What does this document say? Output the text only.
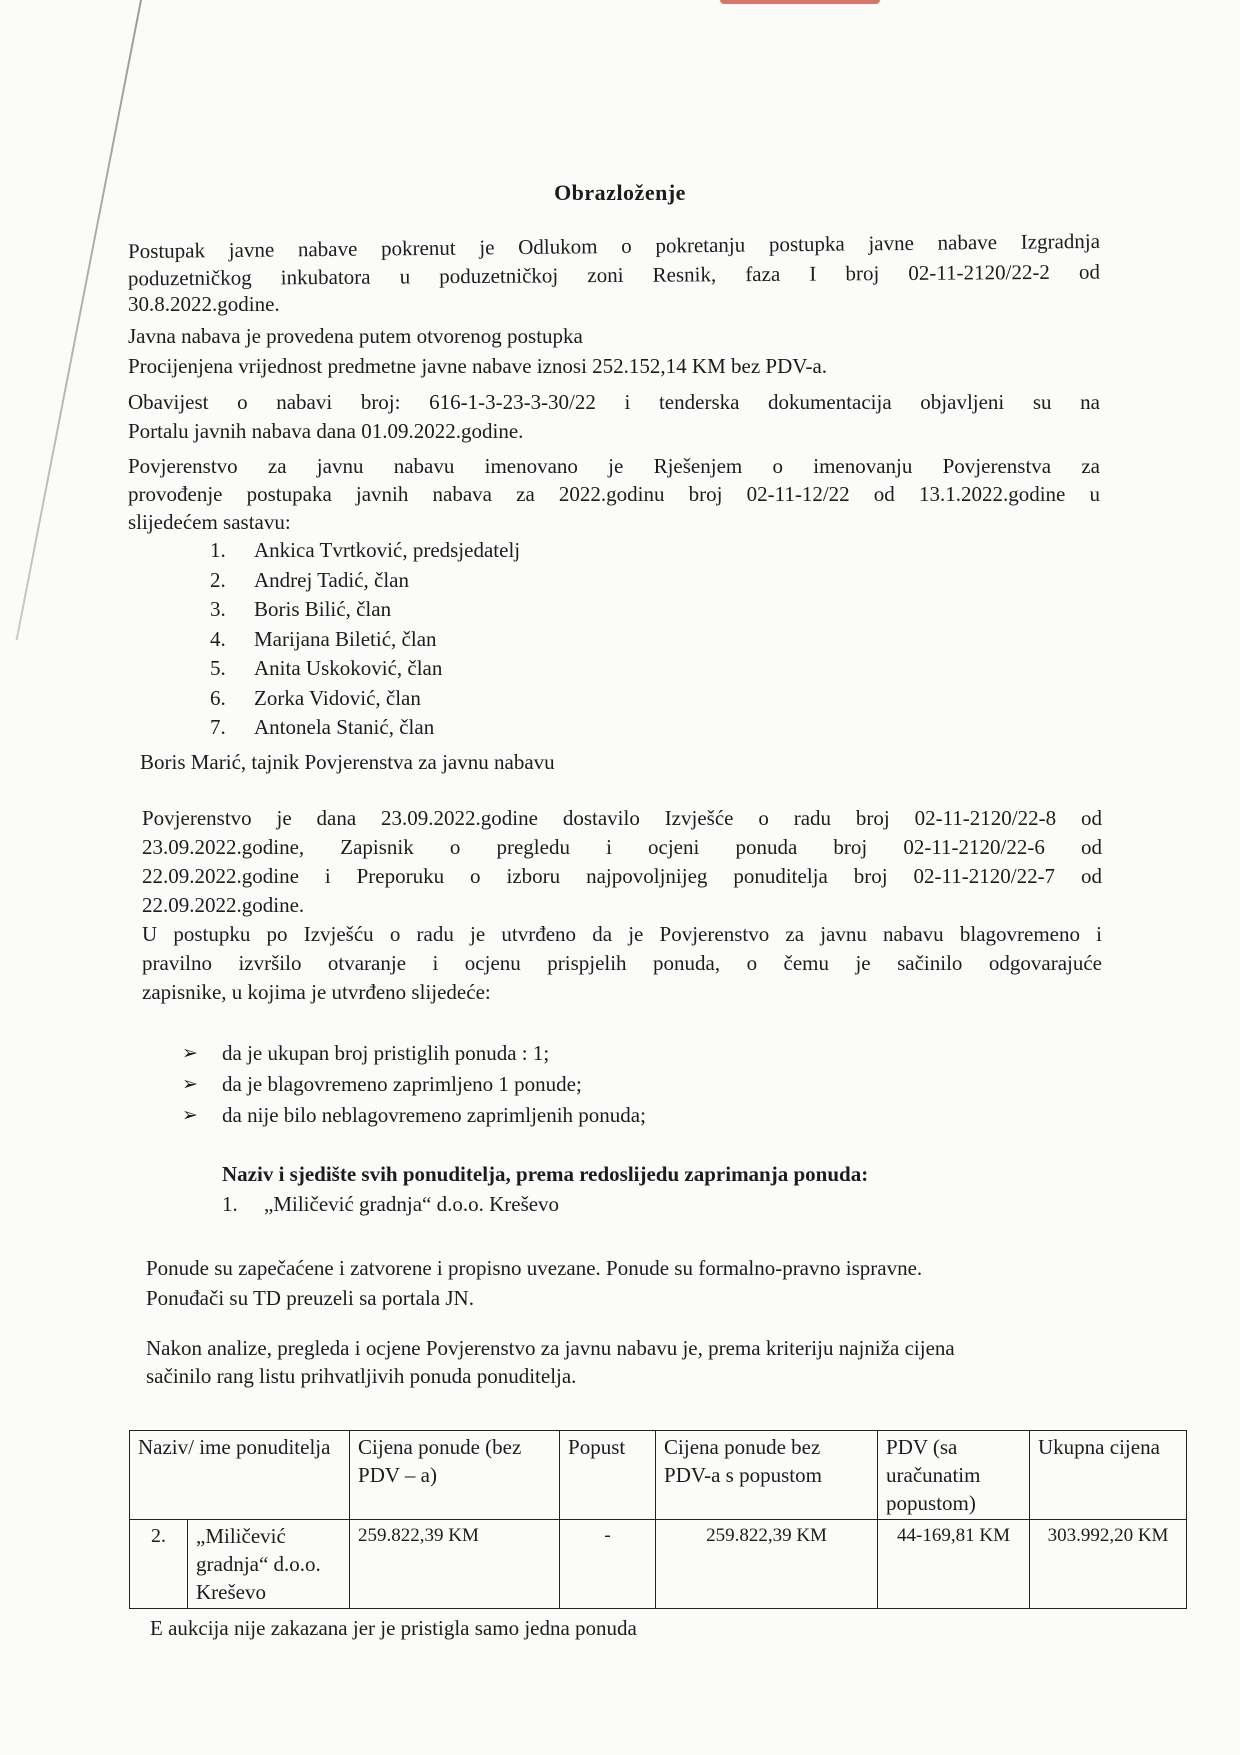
Obrazloženje

Postupak javne nabave pokrenut je Odlukom o pokretanju postupka javne nabave Izgradnja

poduzetničkog inkubatora u poduzetničkoj zoni Resnik, faza I broj 02-11-2120/22-2 od

30.8.2022.godine.

Javna nabava je provedena putem otvorenog postupka

Procijenjena vrijednost predmetne javne nabave iznosi 252.152,14 KM bez PDV-a.

Obavijest o nabavi broj: 616-1-3-23-3-30/22 i tenderska dokumentacija objavljeni su na

Portalu javnih nabava dana 01.09.2022.godine.

Povjerenstvo za javnu nabavu imenovano je Rješenjem o imenovanju Povjerenstva za

provođenje postupaka javnih nabava za 2022.godinu broj 02-11-12/22 od 13.1.2022.godine u

slijedećem sastavu:

1.	Ankica Tvrtković, predsjedatelj
2.	Andrej Tadić, član
3.	Boris Bilić, član
4.	Marijana Biletić, član
5.	Anita Uskoković, član
6.	Zorka Vidović, član
7.	Antonela Stanić, član

Boris Marić, tajnik Povjerenstva za javnu nabavu

Povjerenstvo je dana 23.09.2022.godine dostavilo Izvješće o radu broj 02-11-2120/22-8 od

23.09.2022.godine, Zapisnik o pregledu i ocjeni ponuda broj 02-11-2120/22-6 od

22.09.2022.godine i Preporuku o izboru najpovoljnijeg ponuditelja broj 02-11-2120/22-7 od

22.09.2022.godine.

U postupku po Izvješću o radu je utvrđeno da je Povjerenstvo za javnu nabavu blagovremeno i

pravilno izvršilo otvaranje i ocjenu prispjelih ponuda, o čemu je sačinilo odgovarajuće

zapisnike, u kojima je utvrđeno slijedeće:

➢	da je ukupan broj pristiglih ponuda : 1;
➢	da je blagovremeno zaprimljeno 1 ponude;
➢	da nije bilo neblagovremeno zaprimljenih ponuda;

Naziv i sjedište svih ponuditelja, prema redoslijedu zaprimanja ponuda:

1. „Miličević gradnja“ d.o.o. Kreševo

Ponude su zapečaćene i zatvorene i propisno uvezane. Ponude su formalno-pravno ispravne.

Ponuđači su TD preuzeli sa portala JN.

Nakon analize, pregleda i ocjene Povjerenstvo za javnu nabavu je, prema kriteriju najniža cijena

sačinilo rang listu prihvatljivih ponuda ponuditelja.

Naziv/ ime ponuditelja		Cijena ponude (bez PDV – a)	Popust	Cijena ponude bez PDV-a s popustom	PDV (sa uračunatim popustom)	Ukupna cijena
2.	„Miličević gradnja“ d.o.o. Kreševo	259.822,39 KM	-	259.822,39 KM	44-169,81 KM	303.992,20 KM

E aukcija nije zakazana jer je pristigla samo jedna ponuda
